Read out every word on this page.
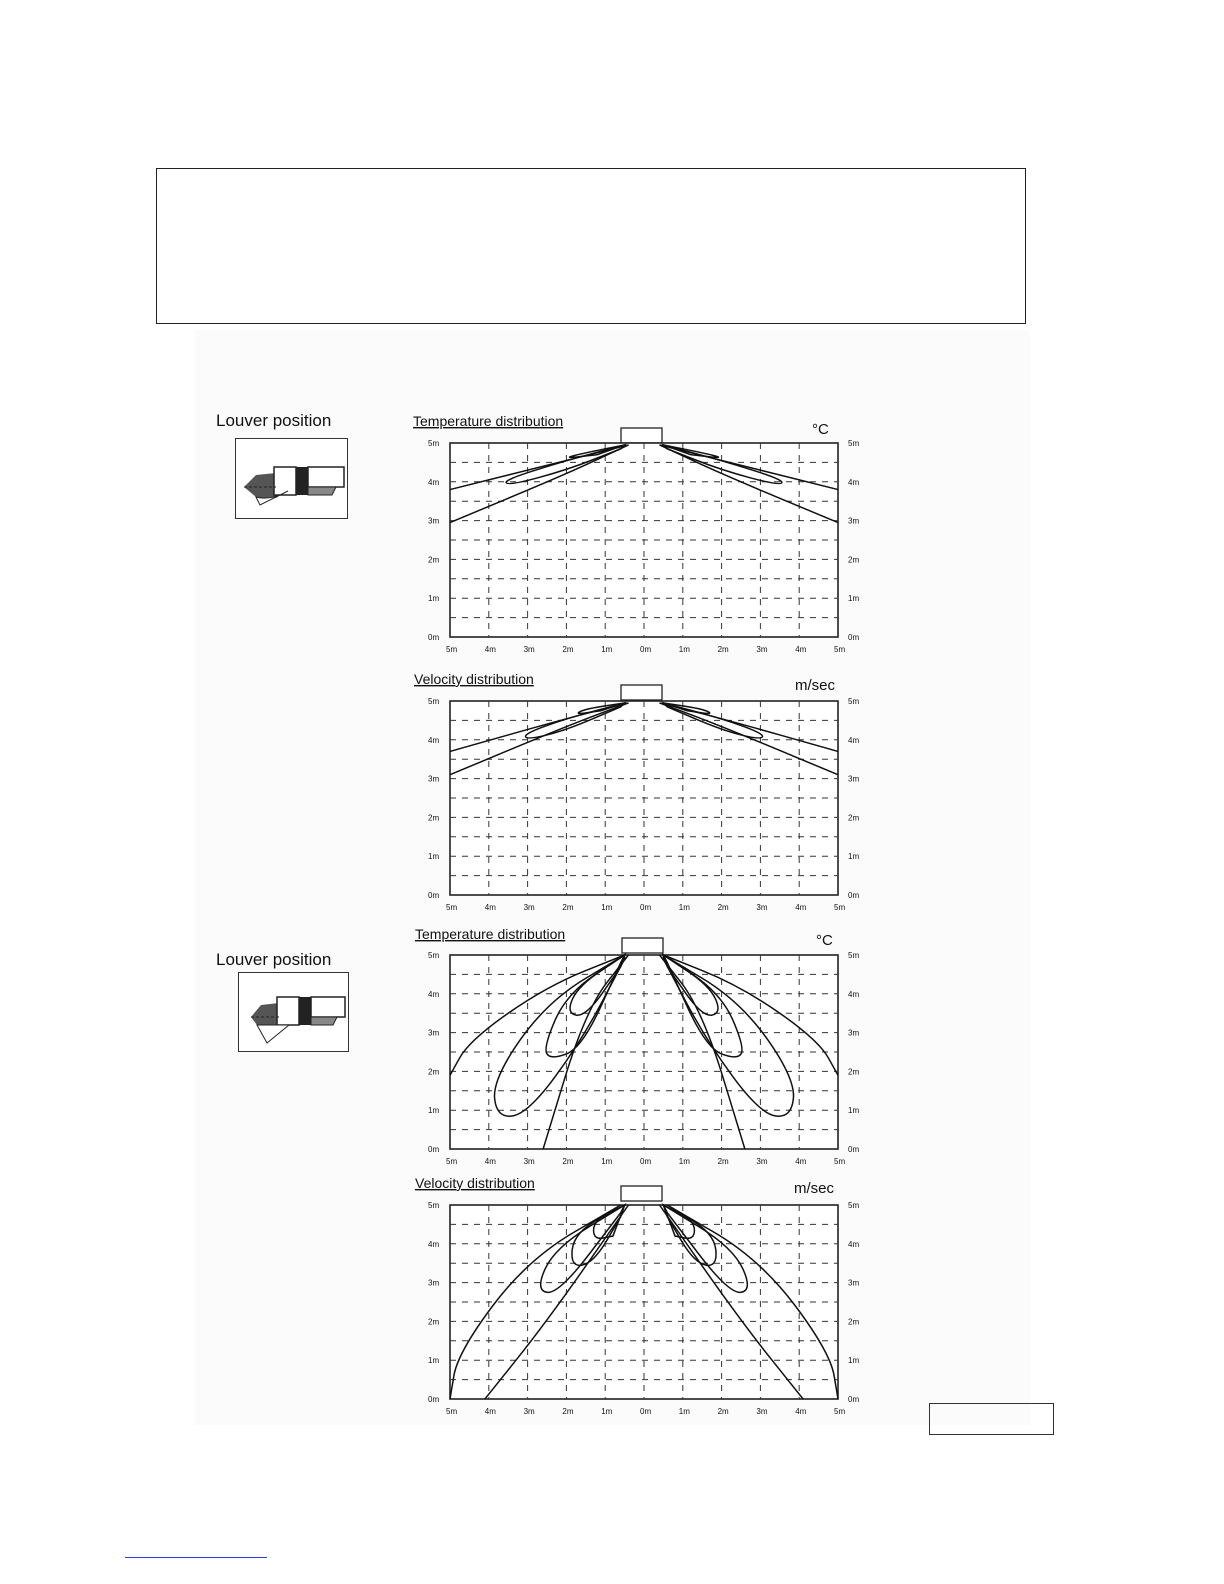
Louver position	Temperature distribution	°C
5m	4m	3m	2m	1m	0m	1m	2m	3m	4m	5m
5m	5m
4m	4m
3m	3m
2m	2m
1m	1m
0m	0m
Velocity distribution	m/sec
5m	4m	3m	2m	1m	0m	1m	2m	3m	4m	5m
5m	5m
4m	4m
3m	3m
2m	2m
1m	1m
0m	0m
Louver position
Temperature distribution	°C
5m	4m	3m	2m	1m	0m	1m	2m	3m	4m	5m
5m	5m
4m	4m
3m	3m
2m	2m
1m	1m
0m	0m
Velocity distribution	m/sec
5m	4m	3m	2m	1m	0m	1m	2m	3m	4m	5m
5m	5m
4m	4m
3m	3m
2m	2m
1m	1m
0m	0m
